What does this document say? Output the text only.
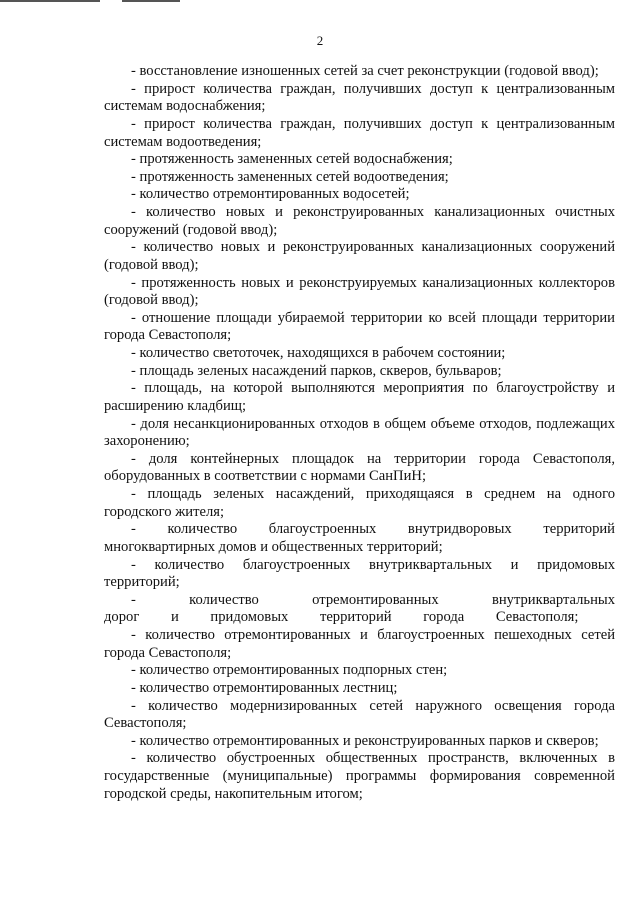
2

- восстановление изношенных сетей за счет реконструкции (годовой ввод);

- прирост количества граждан, получивших доступ к централизованным системам водоснабжения;

- прирост количества граждан, получивших доступ к централизованным системам водоотведения;

- протяженность замененных сетей водоснабжения;

- протяженность замененных сетей водоотведения;

- количество отремонтированных водосетей;

- количество новых и реконструированных канализационных очистных сооружений (годовой ввод);

- количество новых и реконструированных канализационных сооружений (годовой ввод);

- протяженность новых и реконструируемых канализационных коллекторов (годовой ввод);

- отношение площади убираемой территории ко всей площади территории города Севастополя;

- количество светоточек, находящихся в рабочем состоянии;

- площадь зеленых насаждений парков, скверов, бульваров;

- площадь, на которой выполняются мероприятия по благоустройству и расширению кладбищ;

- доля несанкционированных отходов в общем объеме отходов, подлежащих захоронению;

- доля контейнерных площадок на территории города Севастополя, оборудованных в соответствии с нормами СанПиН;

- площадь зеленых насаждений, приходящаяся в среднем на одного городского жителя;

- количество благоустроенных внутридворовых территорий многоквартирных домов и общественных территорий;

- количество благоустроенных внутриквартальных и придомовых территорий;

- количество отремонтированных внутриквартальных дорог и придомовых территорий города Севастополя;

- количество отремонтированных и благоустроенных пешеходных сетей города Севастополя;

- количество отремонтированных подпорных стен;

- количество отремонтированных лестниц;

- количество модернизированных сетей наружного освещения города Севастополя;

- количество отремонтированных и реконструированных парков и скверов;

- количество обустроенных общественных пространств, включенных в государственные (муниципальные) программы формирования современной городской среды, накопительным итогом;
